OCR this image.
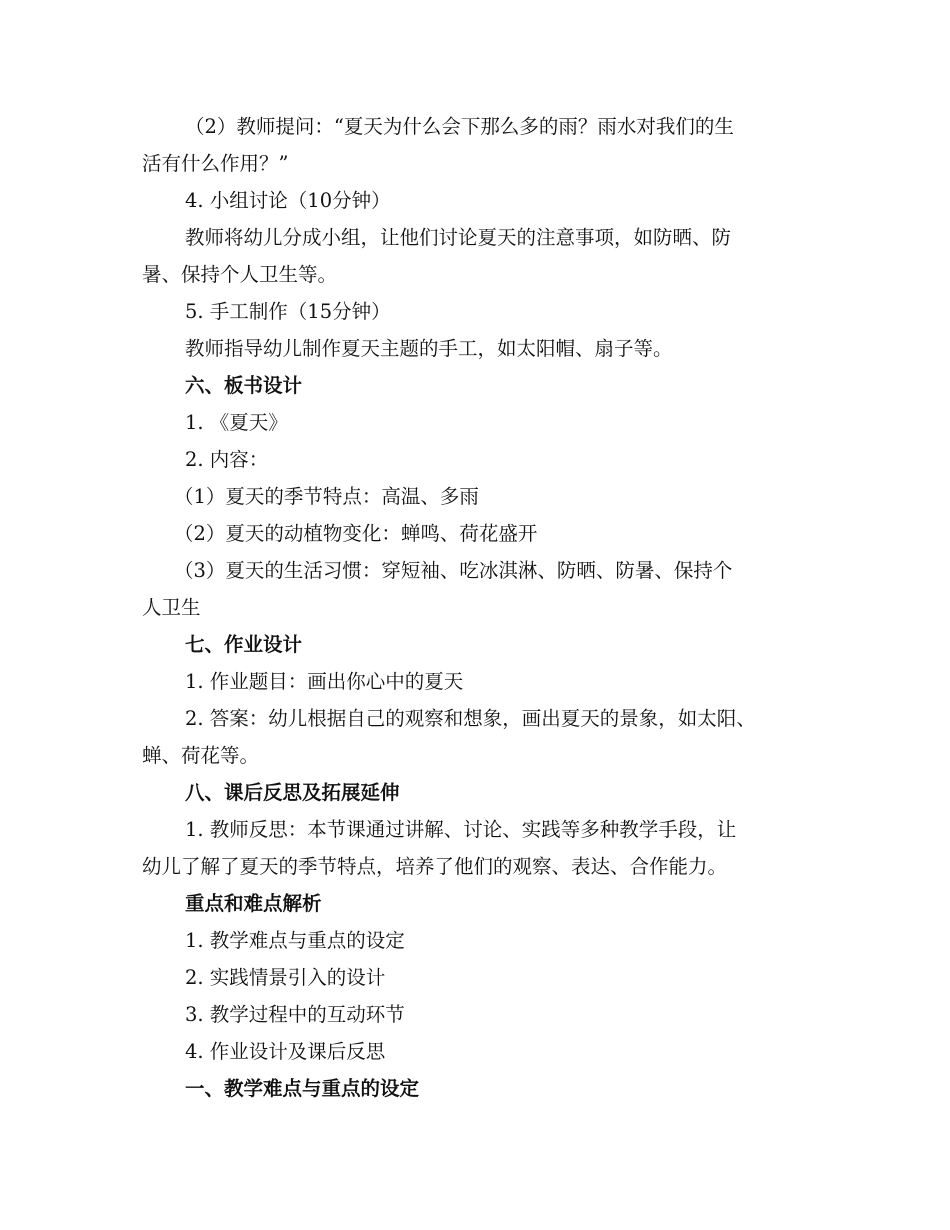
（2）教师提问：“夏天为什么会下那么多的雨？雨水对我们的生
活有什么作用？”
4. 小组讨论（10分钟）
教师将幼儿分成小组，让他们讨论夏天的注意事项，如防晒、防
暑、保持个人卫生等。
5. 手工制作（15分钟）
教师指导幼儿制作夏天主题的手工，如太阳帽、扇子等。
六、板书设计
1. 《夏天》
2. 内容：
（1）夏天的季节特点：高温、多雨
（2）夏天的动植物变化：蝉鸣、荷花盛开
（3）夏天的生活习惯：穿短袖、吃冰淇淋、防晒、防暑、保持个
人卫生
七、作业设计
1. 作业题目：画出你心中的夏天
2. 答案：幼儿根据自己的观察和想象，画出夏天的景象，如太阳、
蝉、荷花等。
八、课后反思及拓展延伸
1. 教师反思：本节课通过讲解、讨论、实践等多种教学手段，让
幼儿了解了夏天的季节特点，培养了他们的观察、表达、合作能力。
重点和难点解析
1. 教学难点与重点的设定
2. 实践情景引入的设计
3. 教学过程中的互动环节
4. 作业设计及课后反思
一、教学难点与重点的设定
